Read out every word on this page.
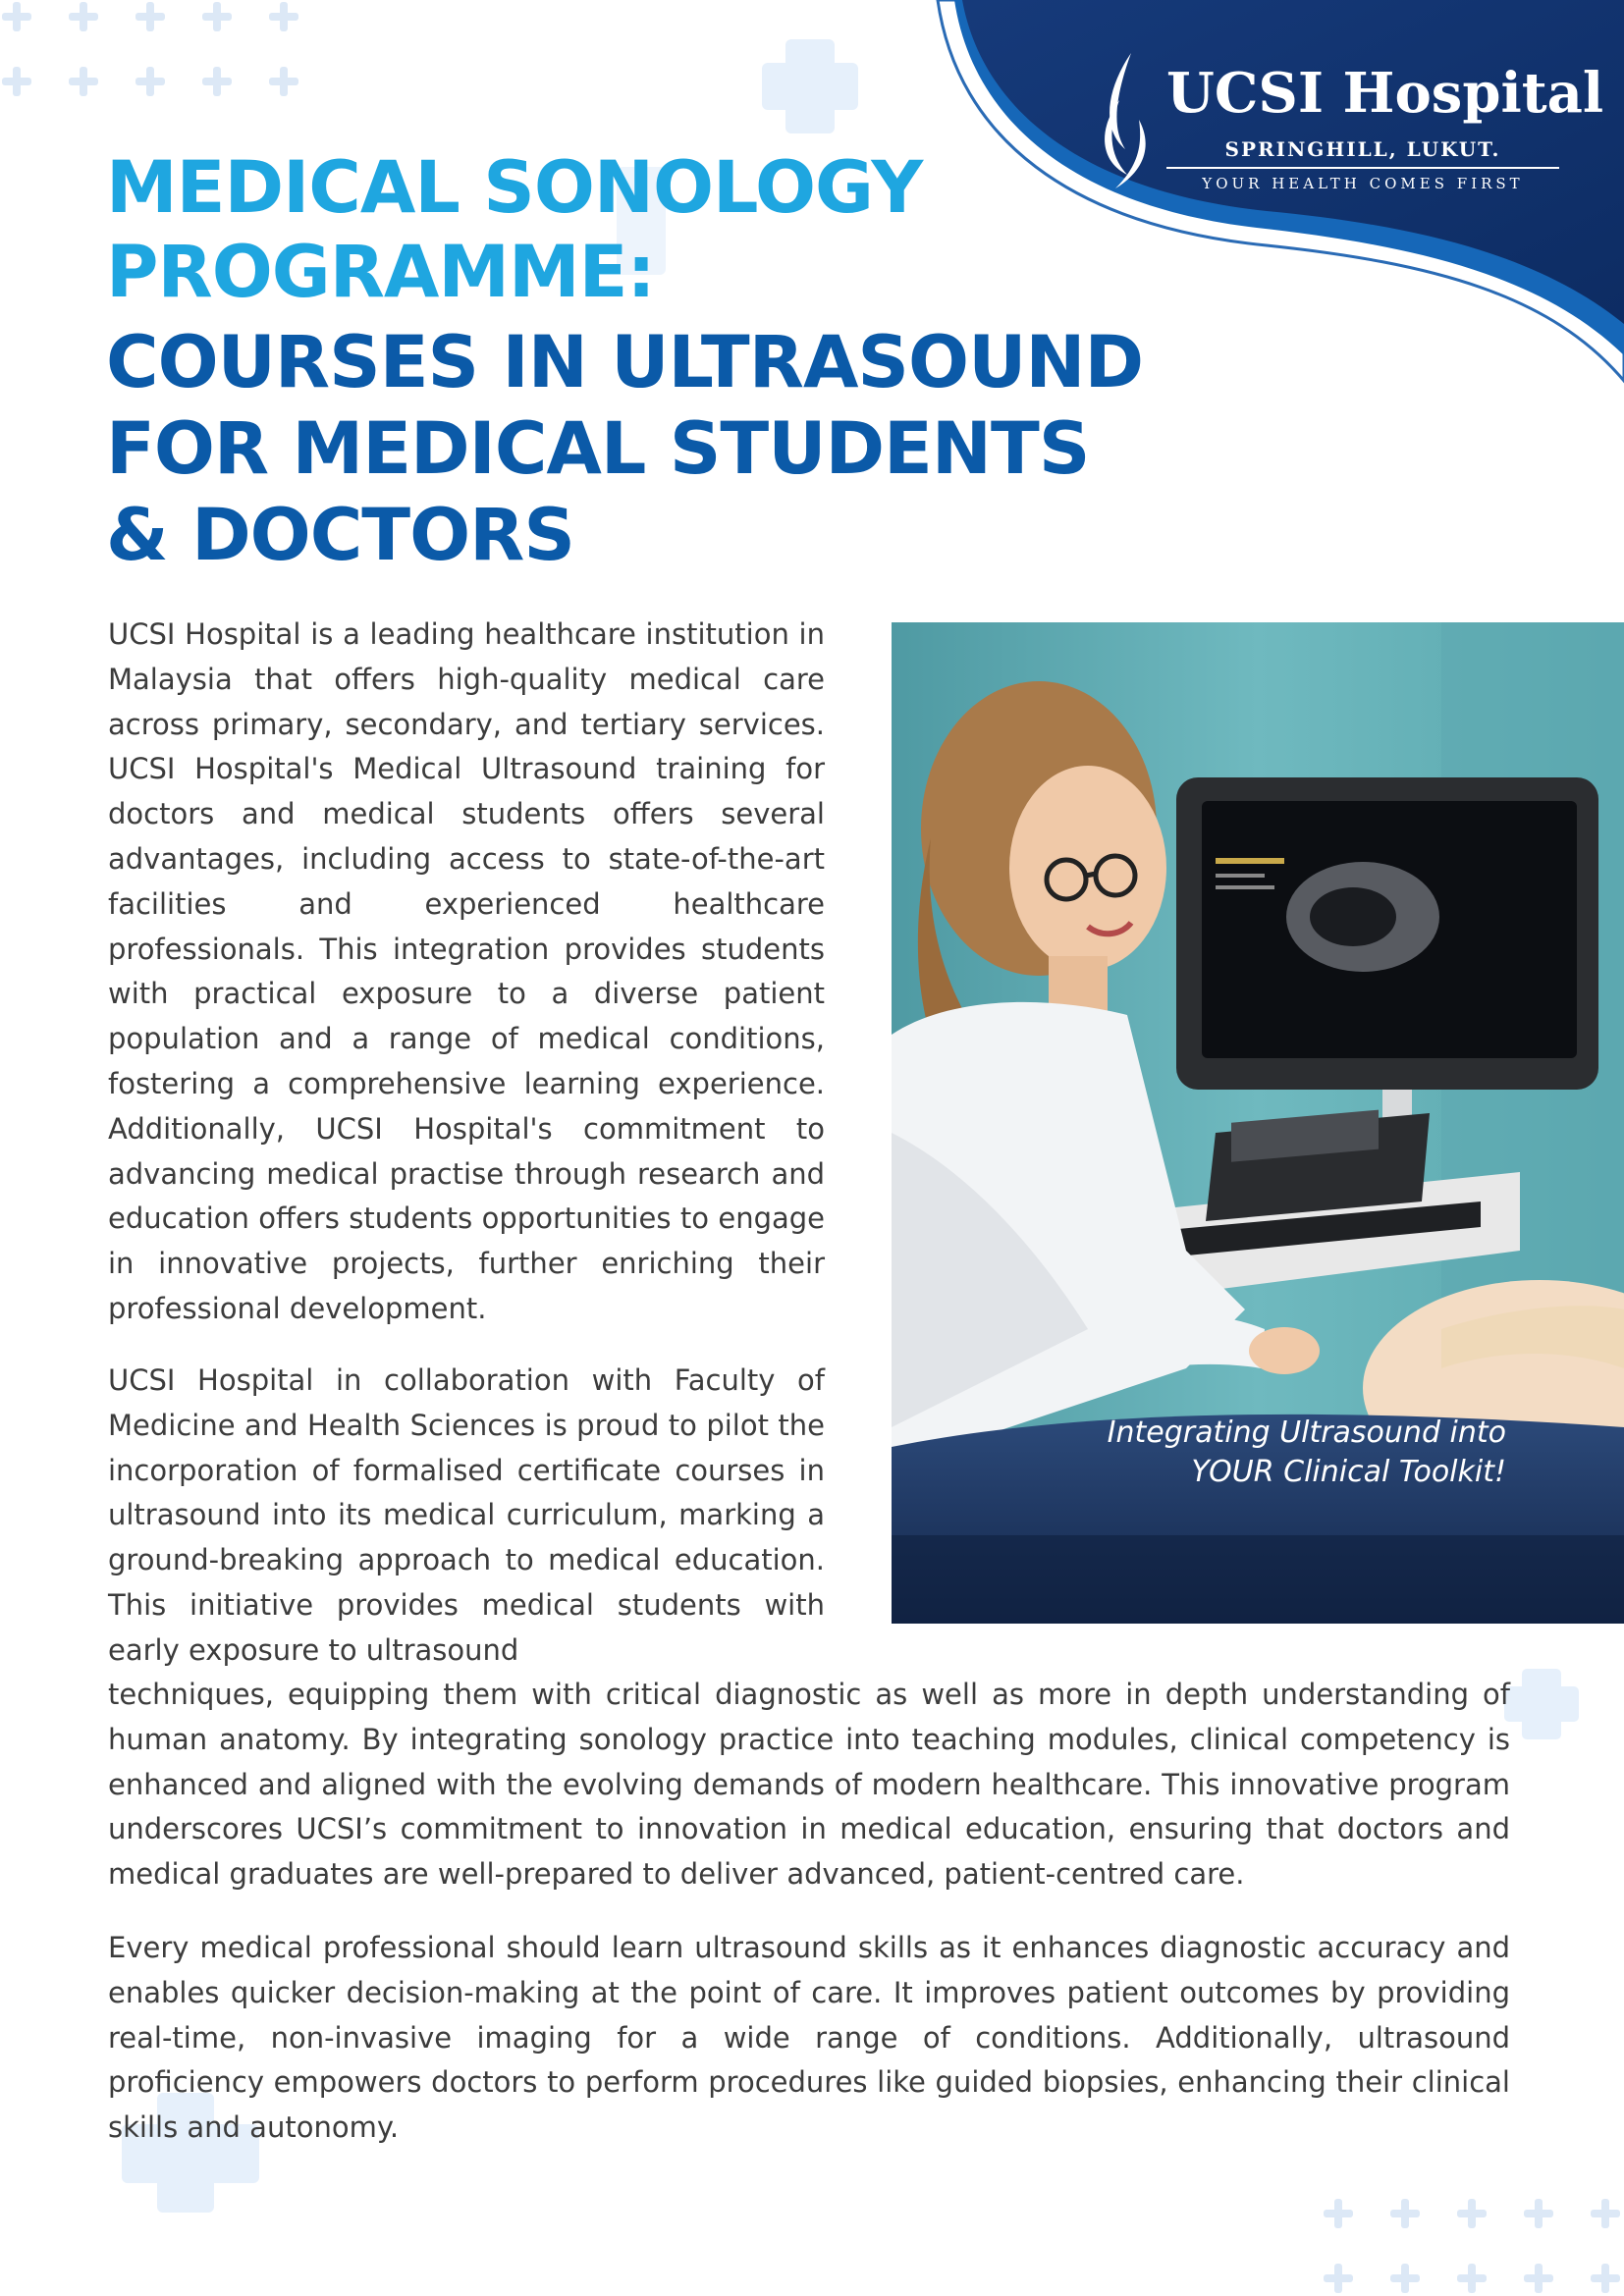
UCSI Hospital
SPRINGHILL, LUKUT.
YOUR HEALTH COMES FIRST
MEDICAL SONOLOGY
PROGRAMME:
COURSES IN ULTRASOUND
FOR MEDICAL STUDENTS
& DOCTORS

UCSI Hospital is a leading healthcare institution in Malaysia that offers high-quality medical care across primary, secondary, and tertiary services. UCSI Hospital's Medical Ultrasound training for doctors and medical students offers several advantages, including access to state-of-the-art facilities and experienced healthcare professionals. This integration provides students with practical exposure to a diverse patient population and a range of medical conditions, fostering a comprehensive learning experience. Additionally, UCSI Hospital's commitment to advancing medical practise through research and education offers students opportunities to engage in innovative projects, further enriching their professional development.

UCSI Hospital in collaboration with Faculty of Medicine and Health Sciences is proud to pilot the incorporation of formalised certificate courses in ultrasound into its medical curriculum, marking a ground-breaking approach to medical education. This initiative provides medical students with early exposure to ultrasound

techniques, equipping them with critical diagnostic as well as more in depth understanding of human anatomy. By integrating sonology practice into teaching modules, clinical competency is enhanced and aligned with the evolving demands of modern healthcare. This innovative program underscores UCSI’s commitment to innovation in medical education, ensuring that doctors and medical graduates are well-prepared to deliver advanced, patient-centred care.

Every medical professional should learn ultrasound skills as it enhances diagnostic accuracy and enables quicker decision-making at the point of care. It improves patient outcomes by providing real-time, non-invasive imaging for a wide range of conditions. Additionally, ultrasound proficiency empowers doctors to perform procedures like guided biopsies, enhancing their clinical skills and autonomy.

Integrating Ultrasound into
YOUR Clinical Toolkit!
